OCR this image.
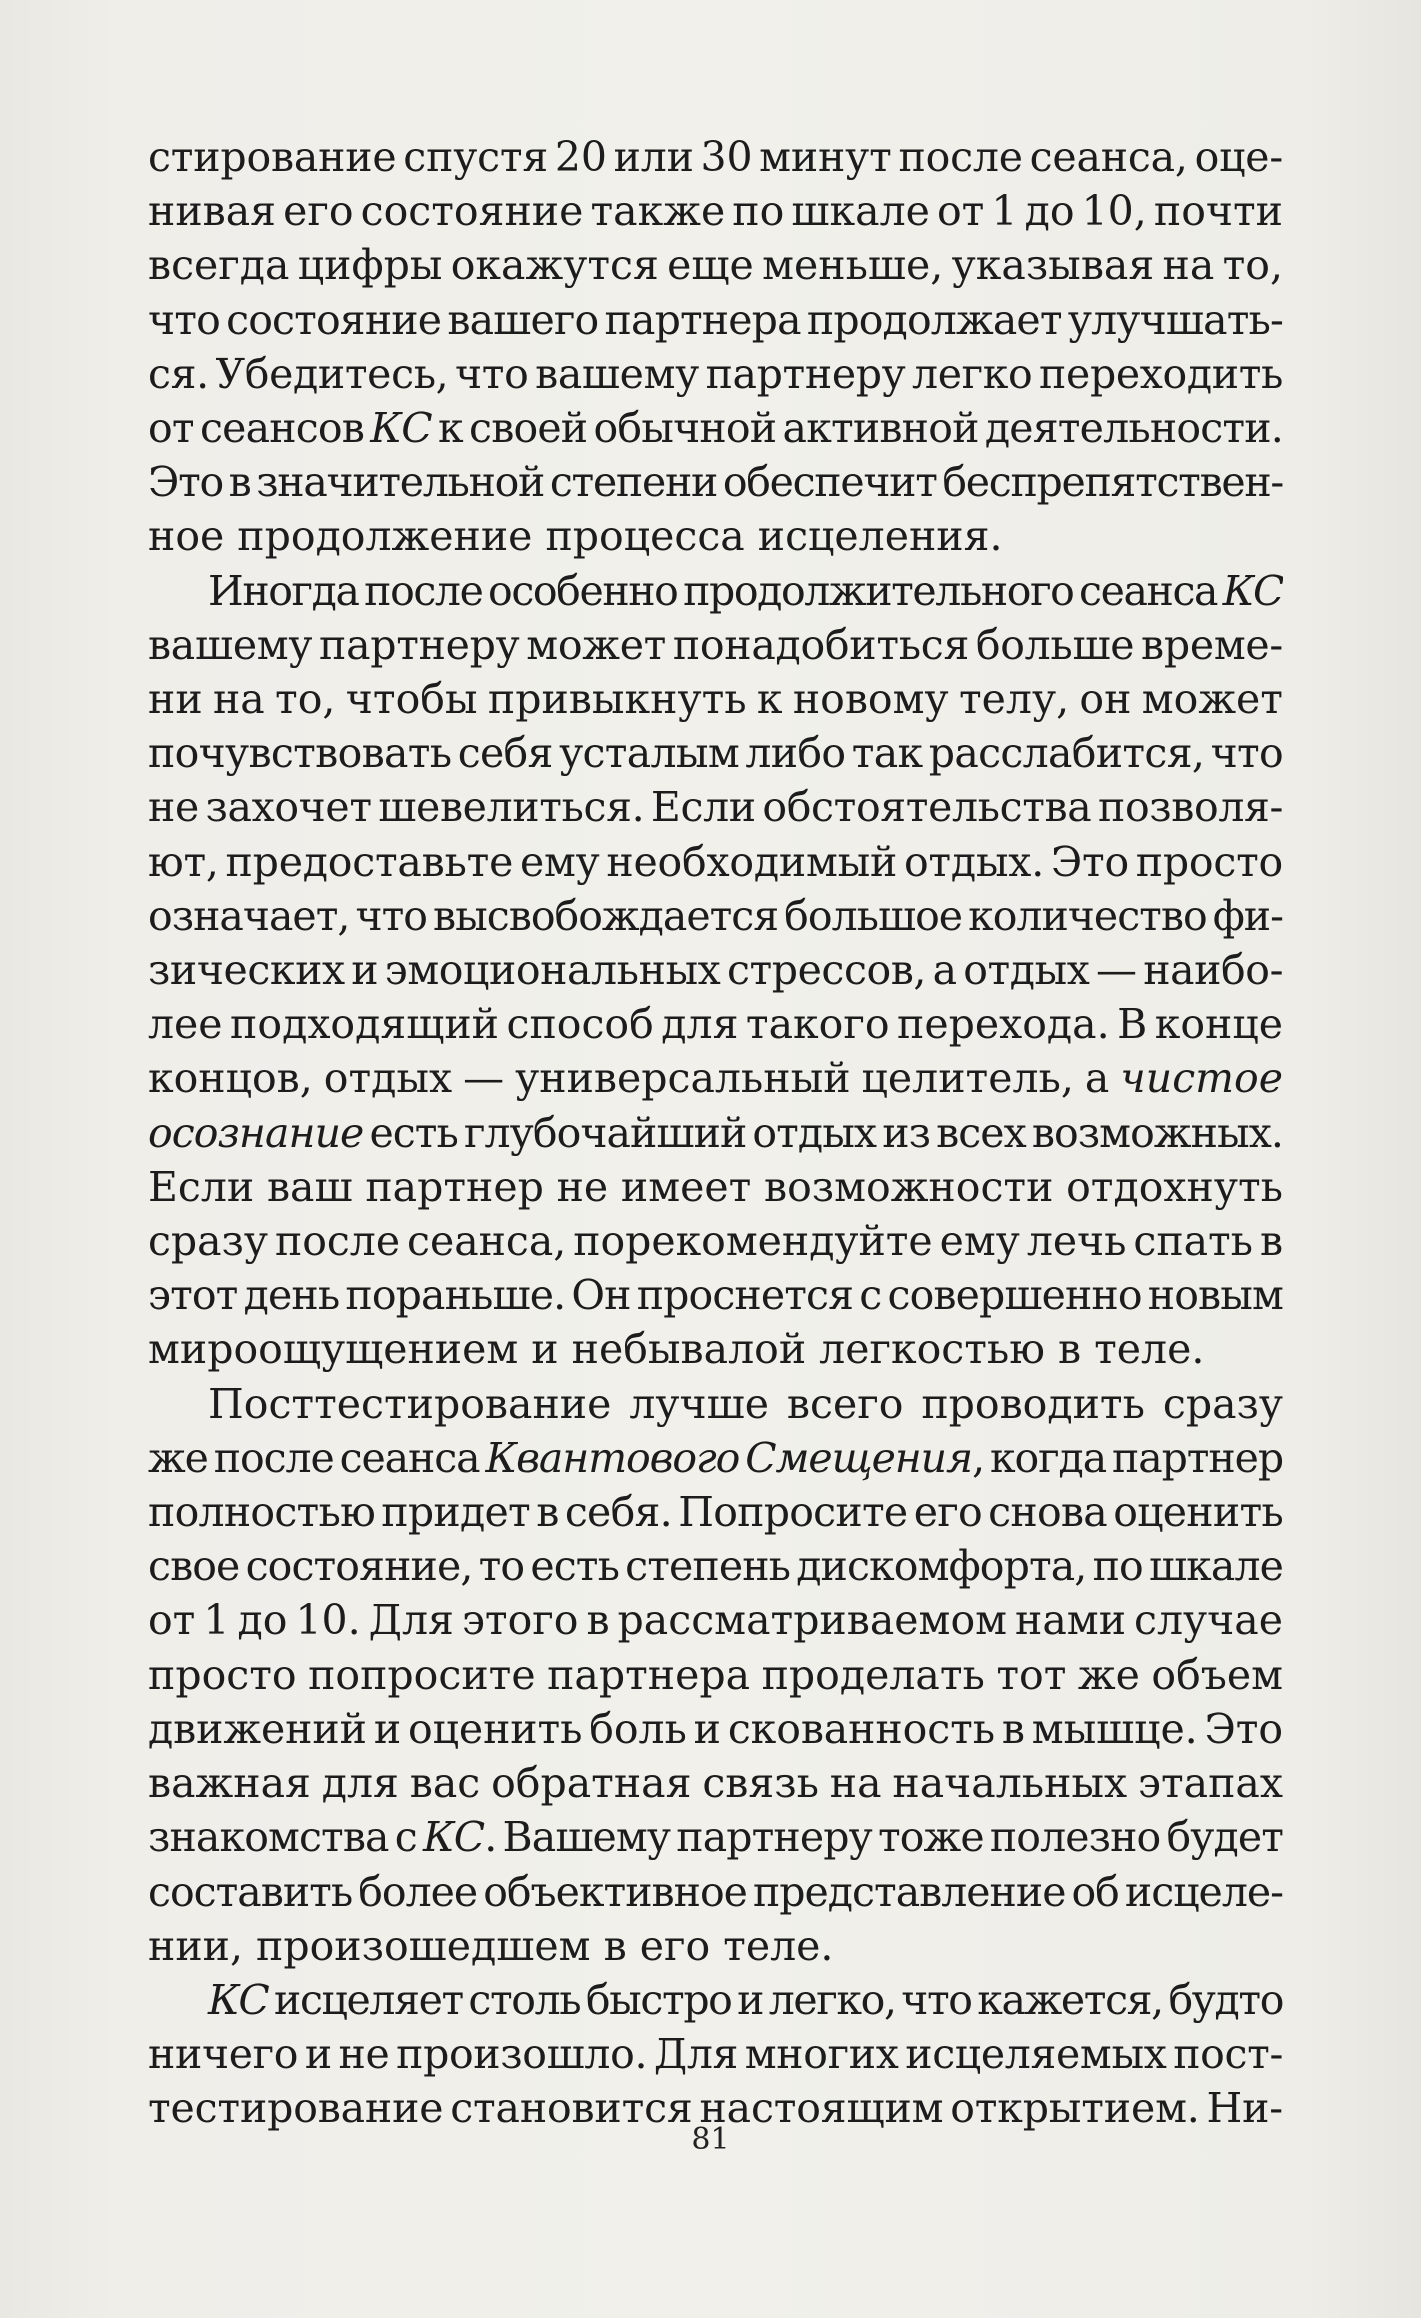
стирование спустя 20 или 30 минут после сеанса, оце-
нивая его состояние также по шкале от 1 до 10, почти
всегда цифры окажутся еще меньше, указывая на то,
что состояние вашего партнера продолжает улучшать-
ся. Убедитесь, что вашему партнеру легко переходить
от сеансов КС к своей обычной активной деятельности.
Это в значительной степени обеспечит беспрепятствен-
ное продолжение процесса исцеления.
Иногда после особенно продолжительного сеанса КС
вашему партнеру может понадобиться больше време-
ни на то, чтобы привыкнуть к новому телу, он может
почувствовать себя усталым либо так расслабится, что
не захочет шевелиться. Если обстоятельства позволя-
ют, предоставьте ему необходимый отдых. Это просто
означает, что высвобождается большое количество фи-
зических и эмоциональных стрессов, а отдых — наибо-
лее подходящий способ для такого перехода. В конце
концов, отдых — универсальный целитель, а чистое
осознание есть глубочайший отдых из всех возможных.
Если ваш партнер не имеет возможности отдохнуть
сразу после сеанса, порекомендуйте ему лечь спать в
этот день пораньше. Он проснется с совершенно новым
мироощущением и небывалой легкостью в теле.
Посттестирование лучше всего проводить сразу
же после сеанса Квантового Смещения, когда партнер
полностью придет в себя. Попросите его снова оценить
свое состояние, то есть степень дискомфорта, по шкале
от 1 до 10. Для этого в рассматриваемом нами случае
просто попросите партнера проделать тот же объем
движений и оценить боль и скованность в мышце. Это
важная для вас обратная связь на начальных этапах
знакомства с КС. Вашему партнеру тоже полезно будет
составить более объективное представление об исцеле-
нии, произошедшем в его теле.
КС исцеляет столь быстро и легко, что кажется, будто
ничего и не произошло. Для многих исцеляемых пост-
тестирование становится настоящим открытием. Ни-
81
